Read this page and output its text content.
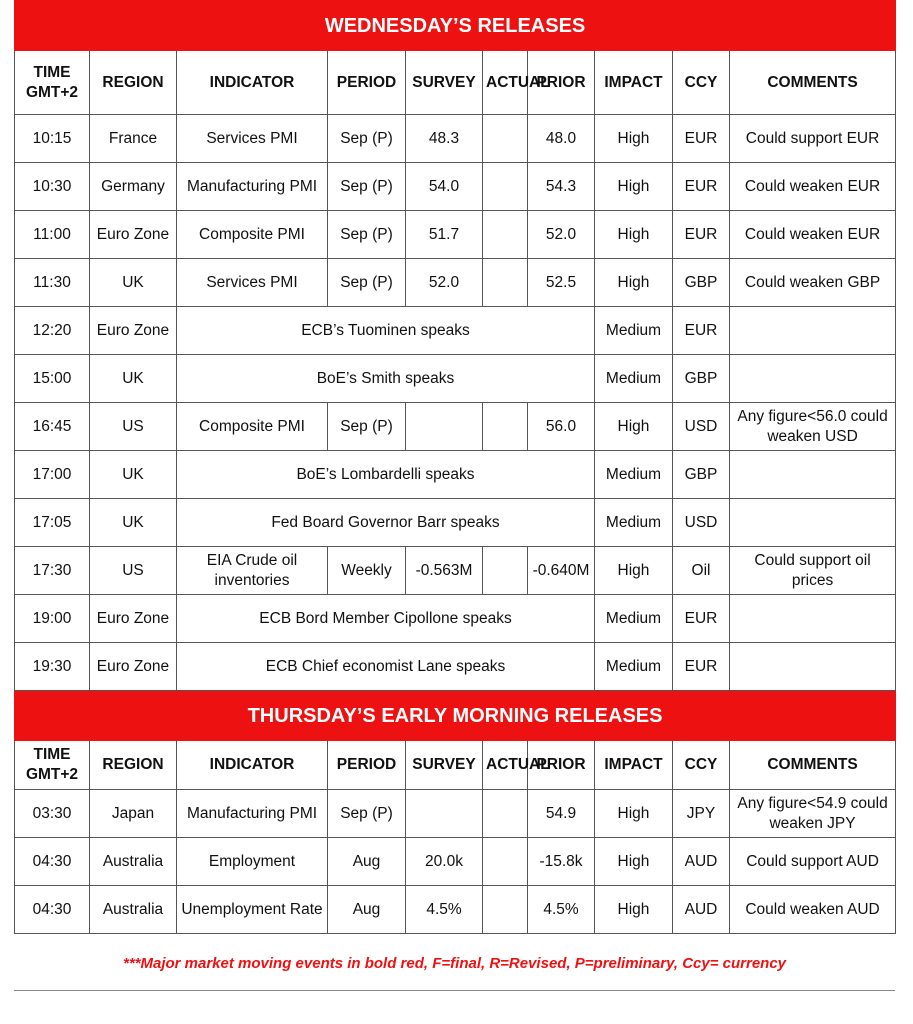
WEDNESDAY’S RELEASES									
TIME GMT+2	REGION	INDICATOR	PERIOD	SURVEY	ACTUAL	PRIOR	IMPACT	CCY	COMMENTS
10:15	France	Services PMI	Sep (P)	48.3		48.0	High	EUR	Could support EUR
10:30	Germany	Manufacturing PMI	Sep (P)	54.0		54.3	High	EUR	Could weaken EUR
11:00	Euro Zone	Composite PMI	Sep (P)	51.7		52.0	High	EUR	Could weaken EUR
11:30	UK	Services PMI	Sep (P)	52.0		52.5	High	GBP	Could weaken GBP
12:20	Euro Zone	ECB’s Tuominen speaks					Medium	EUR	
15:00	UK	BoE’s Smith speaks					Medium	GBP	
16:45	US	Composite PMI	Sep (P)			56.0	High	USD	Any figure<56.0 could weaken USD
17:00	UK	BoE’s Lombardelli speaks					Medium	GBP	
17:05	UK	Fed Board Governor Barr speaks					Medium	USD	
17:30	US	EIA Crude oil inventories	Weekly	-0.563M		-0.640M	High	Oil	Could support oil prices
19:00	Euro Zone	ECB Bord Member Cipollone speaks					Medium	EUR	
19:30	Euro Zone	ECB Chief economist Lane speaks					Medium	EUR	
THURSDAY’S EARLY MORNING RELEASES									
TIME GMT+2	REGION	INDICATOR	PERIOD	SURVEY	ACTUAL	PRIOR	IMPACT	CCY	COMMENTS
03:30	Japan	Manufacturing PMI	Sep (P)			54.9	High	JPY	Any figure<54.9 could weaken JPY
04:30	Australia	Employment	Aug	20.0k		-15.8k	High	AUD	Could support AUD
04:30	Australia	Unemployment Rate	Aug	4.5%		4.5%	High	AUD	Could weaken AUD
***Major market moving events in bold red, F=final, R=Revised, P=preliminary, Ccy= currency
